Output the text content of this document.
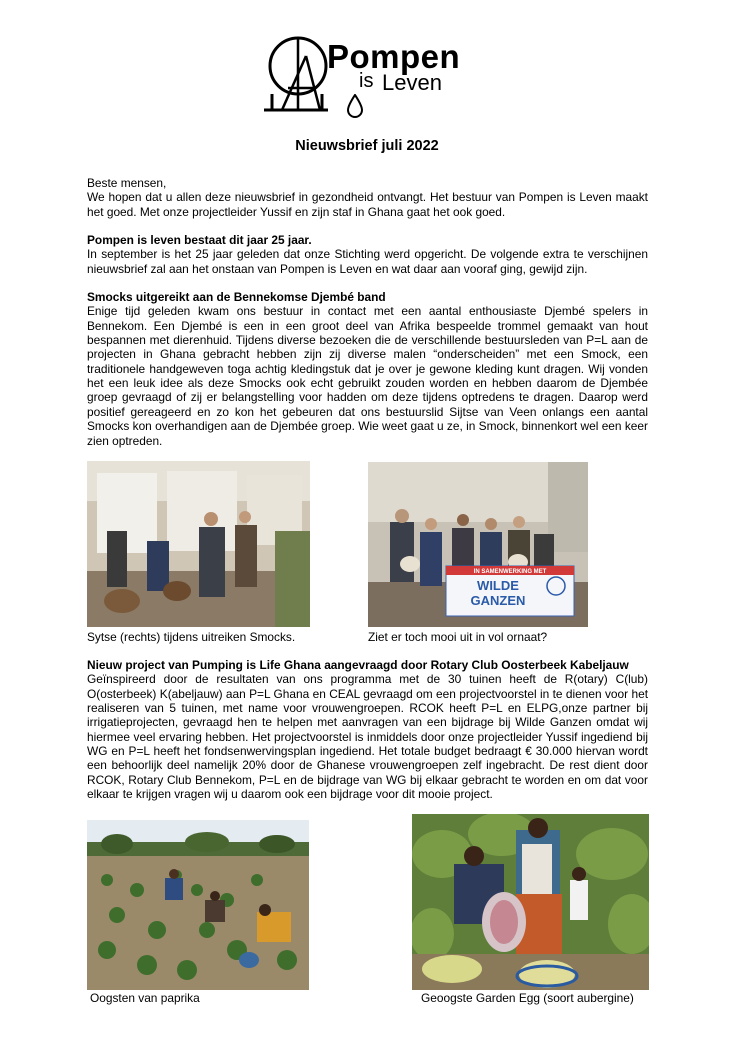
Pompen
is Leven
Nieuwsbrief juli 2022

Beste mensen,

We hopen dat u allen deze nieuwsbrief in gezondheid ontvangt. Het bestuur van Pompen is Leven maakt het goed. Met onze projectleider Yussif en zijn staf in Ghana gaat het ook goed.

Pompen is leven bestaat dit jaar 25 jaar.

In september is het 25 jaar geleden dat onze Stichting werd opgericht. De volgende extra te verschijnen nieuwsbrief zal aan het onstaan van Pompen is Leven en wat daar aan vooraf ging, gewijd zijn.

Smocks uitgereikt aan de Bennekomse Djembé band

Enige tijd geleden kwam ons bestuur in contact met een aantal enthousiaste Djembé spelers in Bennekom. Een Djembé is een in een groot deel van Afrika bespeelde trommel gemaakt van hout bespannen met dierenhuid. Tijdens diverse bezoeken die de verschillende bestuursleden van P=L aan de projecten in Ghana gebracht hebben zijn zij diverse malen “onderscheiden” met een Smock, een traditionele handgeweven toga achtig kledingstuk dat je over je gewone kleding kunt dragen. Wij vonden het een leuk idee als deze Smocks ook echt gebruikt zouden worden en hebben daarom de Djembée groep gevraagd of zij er belangstelling voor hadden om deze tijdens optredens te dragen. Daarop werd positief gereageerd en zo kon het gebeuren dat ons bestuurslid Sijtse van Veen onlangs een aantal Smocks kon overhandigen aan de Djembée groep. Wie weet gaat u ze, in Smock, binnenkort wel een keer zien optreden.

Sytse (rechts) tijdens uitreiken Smocks.
IN SAMENWERKING MET
WILDE
GANZEN
Ziet er toch mooi uit in vol ornaat?

Nieuw project van Pumping is Life Ghana aangevraagd door Rotary Club Oosterbeek Kabeljauw

Geïnspireerd door de resultaten van ons programma met de 30 tuinen heeft de R(otary) C(lub) O(osterbeek) K(abeljauw) aan P=L Ghana en CEAL gevraagd om een projectvoorstel in te dienen voor het realiseren van 5 tuinen, met name voor vrouwengroepen. RCOK heeft P=L en ELPG,onze partner bij irrigatieprojecten, gevraagd hen te helpen met aanvragen van een bijdrage bij Wilde Ganzen omdat wij hiermee veel ervaring hebben. Het projectvoorstel is inmiddels door onze projectleider Yussif ingediend bij WG en P=L heeft het fondsenwervingsplan ingediend. Het totale budget bedraagt € 30.000 hiervan wordt een behoorlijk deel namelijk 20% door de Ghanese vrouwengroepen zelf ingebracht. De rest dient door RCOK, Rotary Club Bennekom, P=L en de bijdrage van WG bij elkaar gebracht te worden en om dat voor elkaar te krijgen vragen wij u daarom ook een bijdrage voor dit mooie project.

Oogsten van paprika	Geoogste Garden Egg (soort aubergine)
